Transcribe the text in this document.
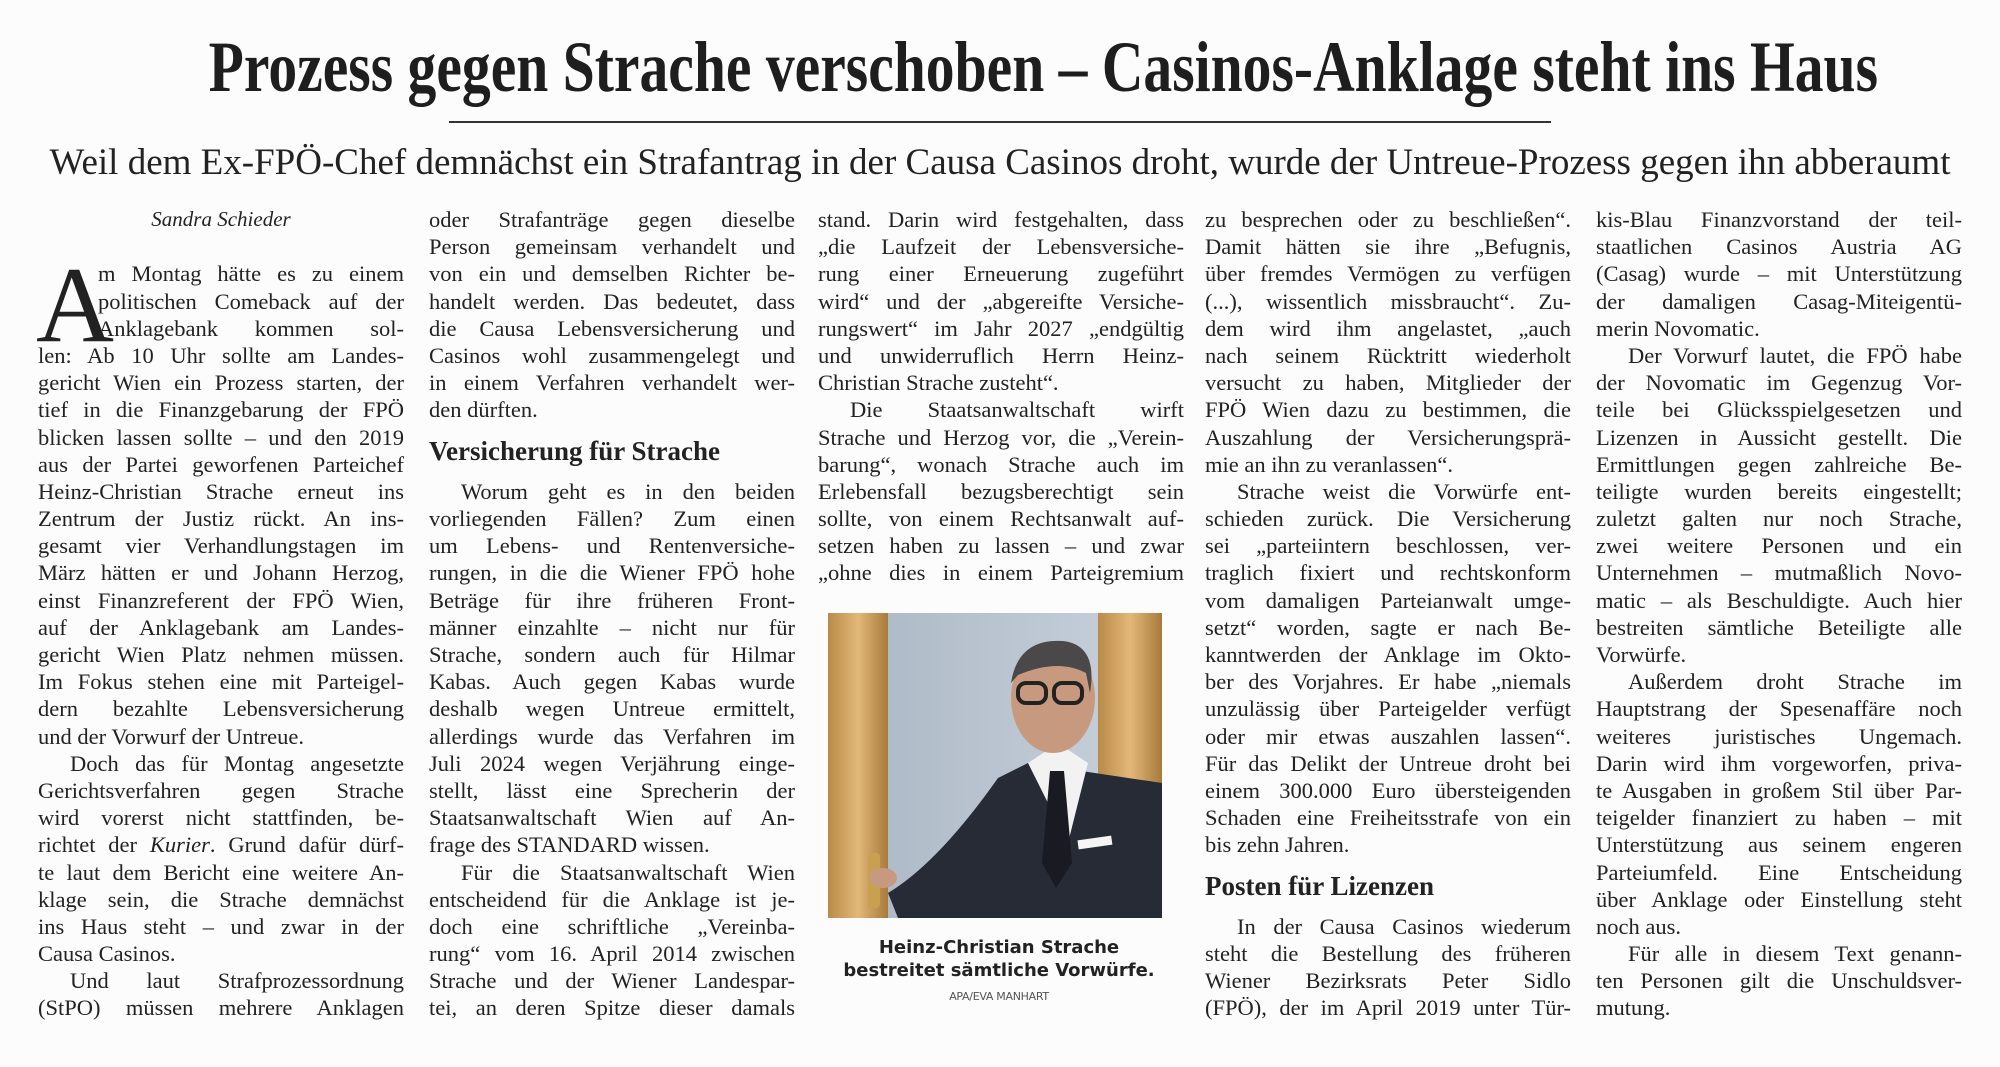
Prozess gegen Strache verschoben – Casinos-Anklage steht ins Haus
Weil dem Ex-FPÖ-Chef demnächst ein Strafantrag in der Causa Casinos droht, wurde der Untreue-Prozess gegen ihn abberaumt
Sandra Schieder
A
m Montag hätte es zu einem
politischen Comeback auf der
Anklagebank kommen sol-
len: Ab 10 Uhr sollte am Landes-
gericht Wien ein Prozess starten, der
tief in die Finanzgebarung der FPÖ
blicken lassen sollte – und den 2019
aus der Partei geworfenen Parteichef
Heinz-Christian Strache erneut ins
Zentrum der Justiz rückt. An ins-
gesamt vier Verhandlungstagen im
März hätten er und Johann Herzog,
einst Finanzreferent der FPÖ Wien,
auf der Anklagebank am Landes-
gericht Wien Platz nehmen müssen.
Im Fokus stehen eine mit Parteigel-
dern bezahlte Lebensversicherung
und der Vorwurf der Untreue.
Doch das für Montag angesetzte
Gerichtsverfahren gegen Strache
wird vorerst nicht stattfinden, be-
richtet der Kurier. Grund dafür dürf-
te laut dem Bericht eine weitere An-
klage sein, die Strache demnächst
ins Haus steht – und zwar in der
Causa Casinos.
Und laut Strafprozessordnung
(StPO) müssen mehrere Anklagen
oder Strafanträge gegen dieselbe
Person gemeinsam verhandelt und
von ein und demselben Richter be-
handelt werden. Das bedeutet, dass
die Causa Lebensversicherung und
Casinos wohl zusammengelegt und
in einem Verfahren verhandelt wer-
den dürften.
Versicherung für Strache
Worum geht es in den beiden
vorliegenden Fällen? Zum einen
um Lebens- und Rentenversiche-
rungen, in die die Wiener FPÖ hohe
Beträge für ihre früheren Front-
männer einzahlte – nicht nur für
Strache, sondern auch für Hilmar
Kabas. Auch gegen Kabas wurde
deshalb wegen Untreue ermittelt,
allerdings wurde das Verfahren im
Juli 2024 wegen Verjährung einge-
stellt, lässt eine Sprecherin der
Staatsanwaltschaft Wien auf An-
frage des STANDARD wissen.
Für die Staatsanwaltschaft Wien
entscheidend für die Anklage ist je-
doch eine schriftliche „Vereinba-
rung“ vom 16. April 2014 zwischen
Strache und der Wiener Landespar-
tei, an deren Spitze dieser damals
stand. Darin wird festgehalten, dass
„die Laufzeit der Lebensversiche-
rung einer Erneuerung zugeführt
wird“ und der „abgereifte Versiche-
rungswert“ im Jahr 2027 „endgültig
und unwiderruflich Herrn Heinz-
Christian Strache zusteht“.
Die Staatsanwaltschaft wirft
Strache und Herzog vor, die „Verein-
barung“, wonach Strache auch im
Erlebensfall bezugsberechtigt sein
sollte, von einem Rechtsanwalt auf-
setzen haben zu lassen – und zwar
„ohne dies in einem Parteigremium
zu besprechen oder zu beschließen“.
Damit hätten sie ihre „Befugnis,
über fremdes Vermögen zu verfügen
(...), wissentlich missbraucht“. Zu-
dem wird ihm angelastet, „auch
nach seinem Rücktritt wiederholt
versucht zu haben, Mitglieder der
FPÖ Wien dazu zu bestimmen, die
Auszahlung der Versicherungsprä-
mie an ihn zu veranlassen“.
Strache weist die Vorwürfe ent-
schieden zurück. Die Versicherung
sei „parteiintern beschlossen, ver-
traglich fixiert und rechtskonform
vom damaligen Parteianwalt umge-
setzt“ worden, sagte er nach Be-
kanntwerden der Anklage im Okto-
ber des Vorjahres. Er habe „niemals
unzulässig über Parteigelder verfügt
oder mir etwas auszahlen lassen“.
Für das Delikt der Untreue droht bei
einem 300.000 Euro übersteigenden
Schaden eine Freiheitsstrafe von ein
bis zehn Jahren.
Posten für Lizenzen
In der Causa Casinos wiederum
steht die Bestellung des früheren
Wiener Bezirksrats Peter Sidlo
(FPÖ), der im April 2019 unter Tür-
kis-Blau Finanzvorstand der teil-
staatlichen Casinos Austria AG
(Casag) wurde – mit Unterstützung
der damaligen Casag-Miteigentü-
merin Novomatic.
Der Vorwurf lautet, die FPÖ habe
der Novomatic im Gegenzug Vor-
teile bei Glücksspielgesetzen und
Lizenzen in Aussicht gestellt. Die
Ermittlungen gegen zahlreiche Be-
teiligte wurden bereits eingestellt;
zuletzt galten nur noch Strache,
zwei weitere Personen und ein
Unternehmen – mutmaßlich Novo-
matic – als Beschuldigte. Auch hier
bestreiten sämtliche Beteiligte alle
Vorwürfe.
Außerdem droht Strache im
Hauptstrang der Spesenaffäre noch
weiteres juristisches Ungemach.
Darin wird ihm vorgeworfen, priva-
te Ausgaben in großem Stil über Par-
teigelder finanziert zu haben – mit
Unterstützung aus seinem engeren
Parteiumfeld. Eine Entscheidung
über Anklage oder Einstellung steht
noch aus.
Für alle in diesem Text genann-
ten Personen gilt die Unschuldsver-
mutung.
Heinz-Christian Strache
bestreitet sämtliche Vorwürfe.
APA/EVA MANHART
